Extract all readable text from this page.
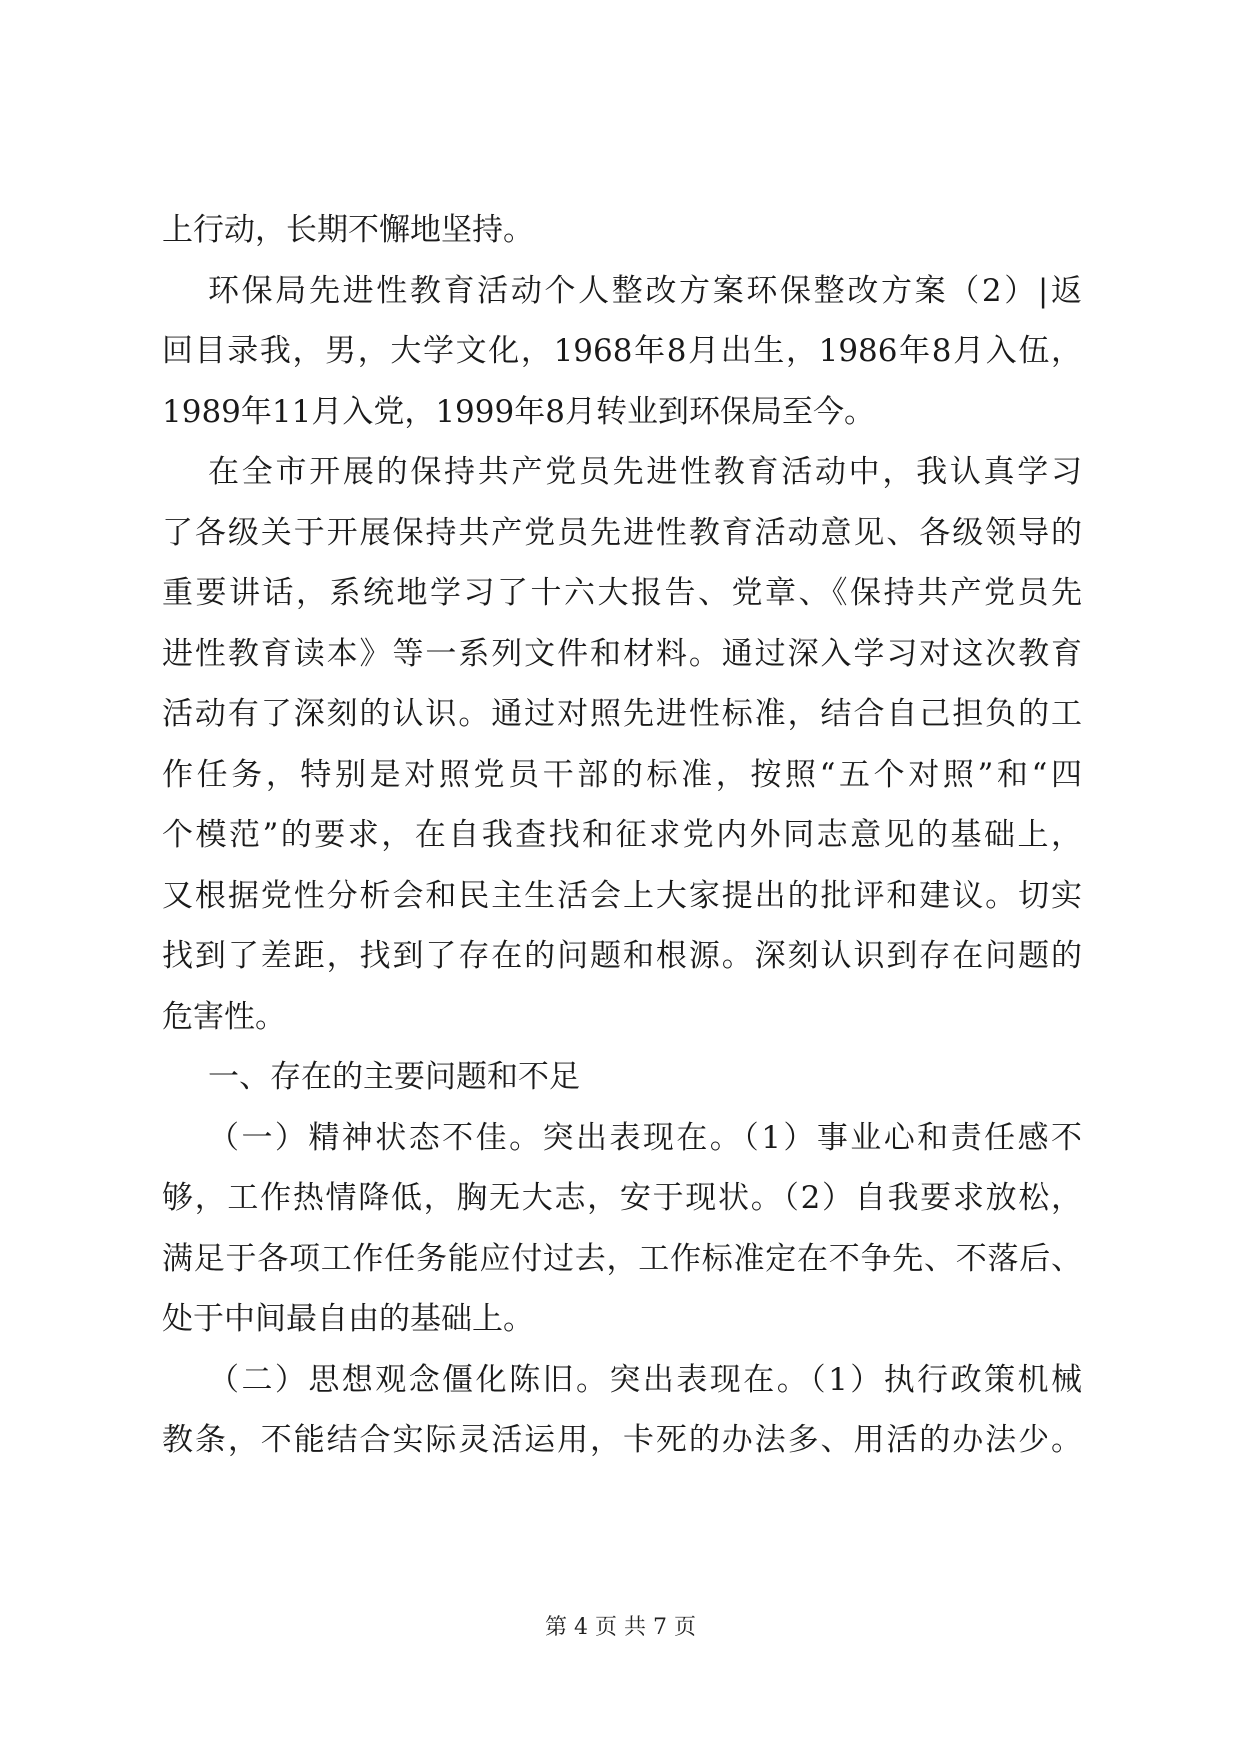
上行动，长期不懈地坚持。
环保局先进性教育活动个人整改方案环保整改方案（2）|返
回目录我，男，大学文化，1968年8月出生，1986年8月入伍，
1989年11月入党，1999年8月转业到环保局至今。
在全市开展的保持共产党员先进性教育活动中，我认真学习
了各级关于开展保持共产党员先进性教育活动意见、各级领导的
重要讲话，系统地学习了十六大报告、党章、《保持共产党员先
进性教育读本》等一系列文件和材料。通过深入学习对这次教育
活动有了深刻的认识。通过对照先进性标准，结合自己担负的工
作任务，特别是对照党员干部的标准，按照“五个对照”和“四
个模范”的要求，在自我查找和征求党内外同志意见的基础上，
又根据党性分析会和民主生活会上大家提出的批评和建议。切实
找到了差距，找到了存在的问题和根源。深刻认识到存在问题的
危害性。
一、存在的主要问题和不足
（一）精神状态不佳。突出表现在。（1）事业心和责任感不
够，工作热情降低，胸无大志，安于现状。（2）自我要求放松，
满足于各项工作任务能应付过去，工作标准定在不争先、不落后、
处于中间最自由的基础上。
（二）思想观念僵化陈旧。突出表现在。（1）执行政策机械
教条，不能结合实际灵活运用，卡死的办法多、用活的办法少。
第 4 页 共 7 页
